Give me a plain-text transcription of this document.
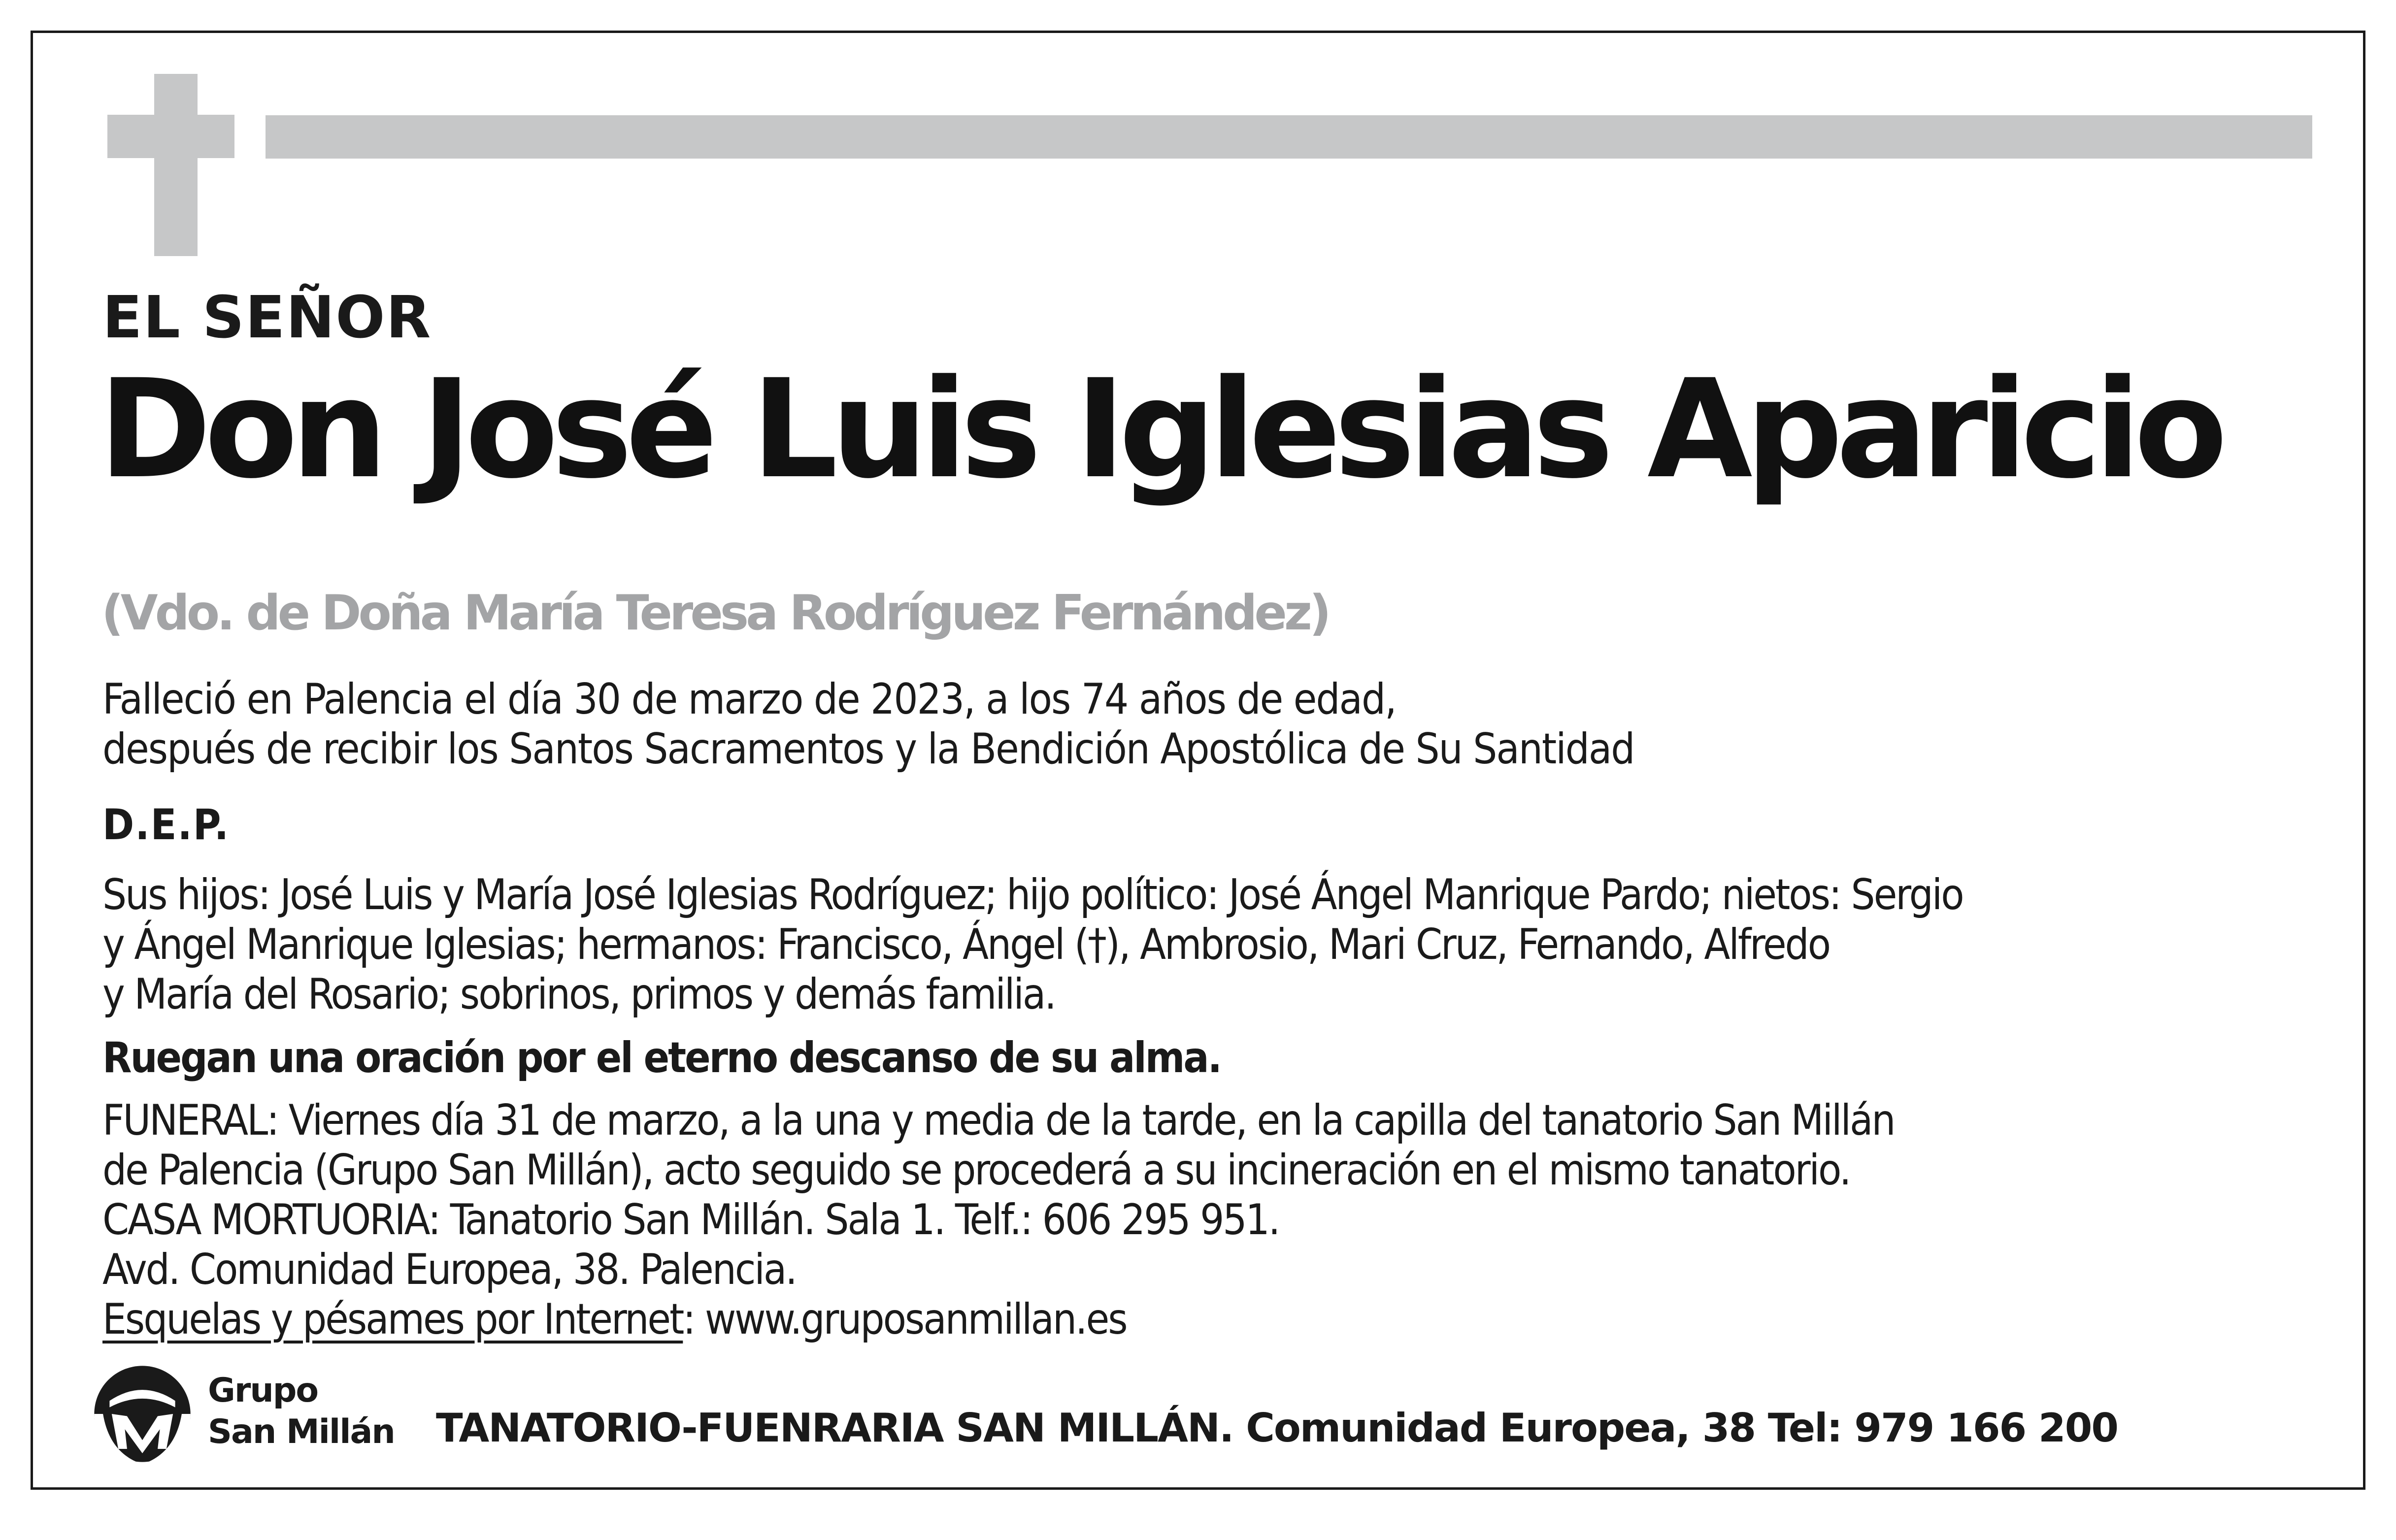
EL SEÑOR
Don José Luis Iglesias Aparicio
(Vdo. de Doña María Teresa Rodríguez Fernández)
Falleció en Palencia el día 30 de marzo de 2023, a los 74 años de edad,
después de recibir los Santos Sacramentos y la Bendición Apostólica de Su Santidad
D.E.P.
Sus hijos: José Luis y María José Iglesias Rodríguez; hijo político: José Ángel Manrique Pardo; nietos: Sergio
y Ángel Manrique Iglesias; hermanos: Francisco, Ángel (†), Ambrosio, Mari Cruz, Fernando, Alfredo
y María del Rosario; sobrinos, primos y demás familia.
Ruegan una oración por el eterno descanso de su alma.
FUNERAL: Viernes día 31 de marzo, a la una y media de la tarde, en la capilla del tanatorio San Millán
de Palencia (Grupo San Millán), acto seguido se procederá a su incineración en el mismo tanatorio.
CASA MORTUORIA: Tanatorio San Millán. Sala 1. Telf.: 606 295 951.
Avd. Comunidad Europea, 38. Palencia.
Esquelas y pésames por Internet: www.gruposanmillan.es
Grupo
San Millán TANATORIO-FUENRARIA SAN MILLÁN. Comunidad Europea, 38 Tel: 979 166 200
